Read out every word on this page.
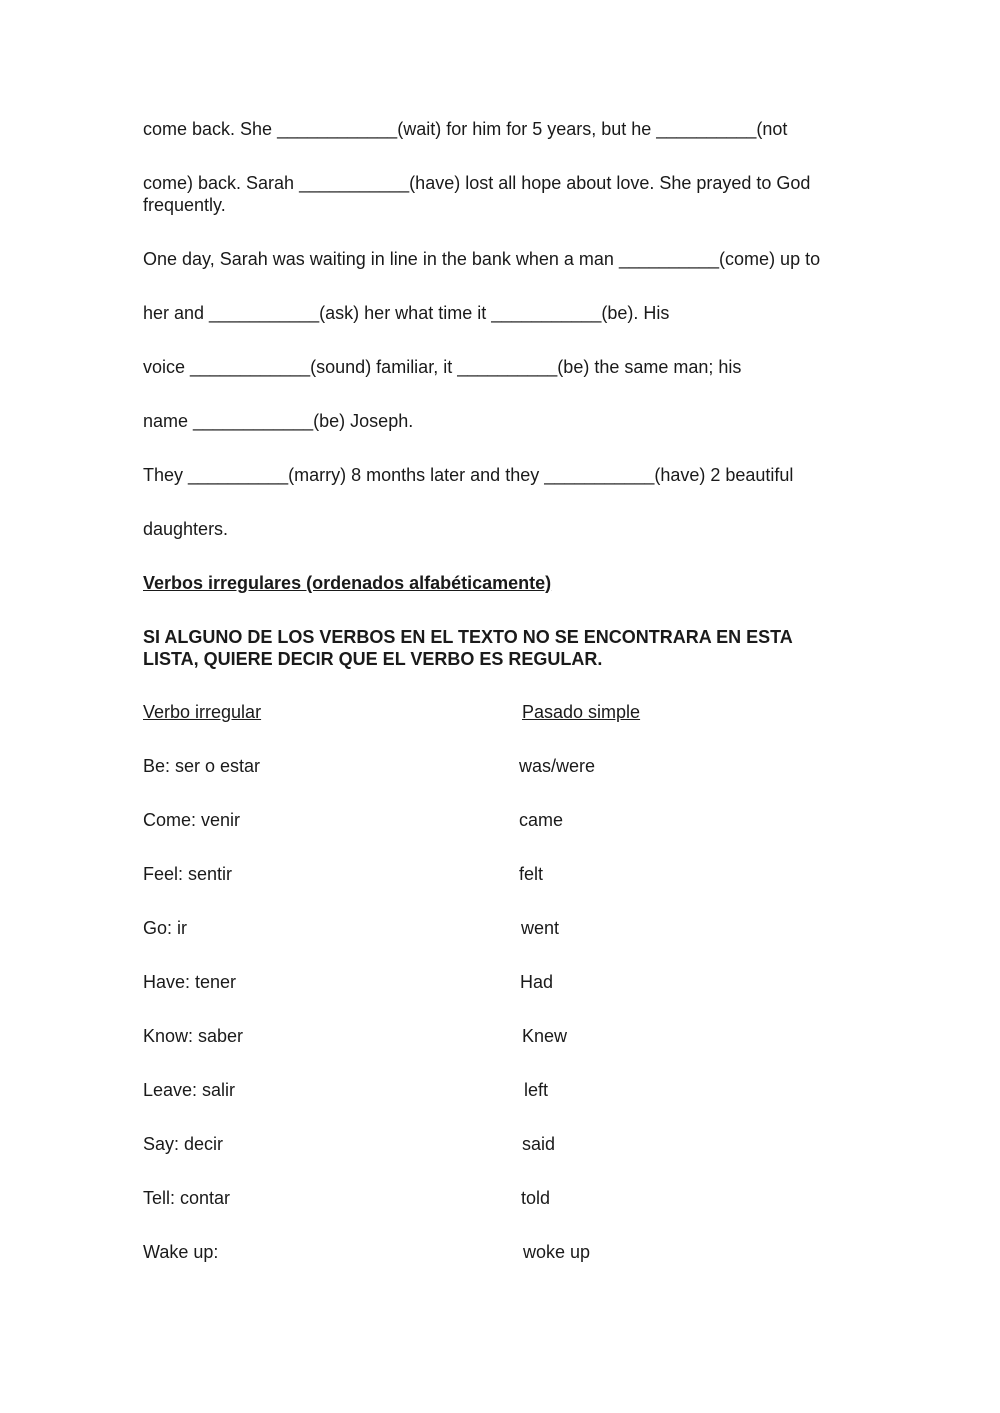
come back. She ____________(wait) for him for 5 years, but he __________(not
come) back. Sarah ___________(have) lost all hope about love. She prayed to God
frequently.
One day, Sarah was waiting in line in the bank when a man __________(come) up to
her and ___________(ask) her what time it ___________(be). His
voice ____________(sound) familiar, it __________(be) the same man; his
name ____________(be) Joseph.
They __________(marry) 8 months later and they ___________(have) 2 beautiful
daughters.
Verbos irregulares (ordenados alfabéticamente)
SI ALGUNO DE LOS VERBOS EN EL TEXTO NO SE ENCONTRARA EN ESTA
LISTA, QUIERE DECIR QUE EL VERBO ES REGULAR.
Verbo irregular	Pasado simple
Be: ser o estar	was/were
Come: venir	came
Feel: sentir	felt
Go: ir	went
Have: tener	Had
Know: saber	Knew
Leave: salir	left
Say: decir	said
Tell: contar	told
Wake up:	woke up
